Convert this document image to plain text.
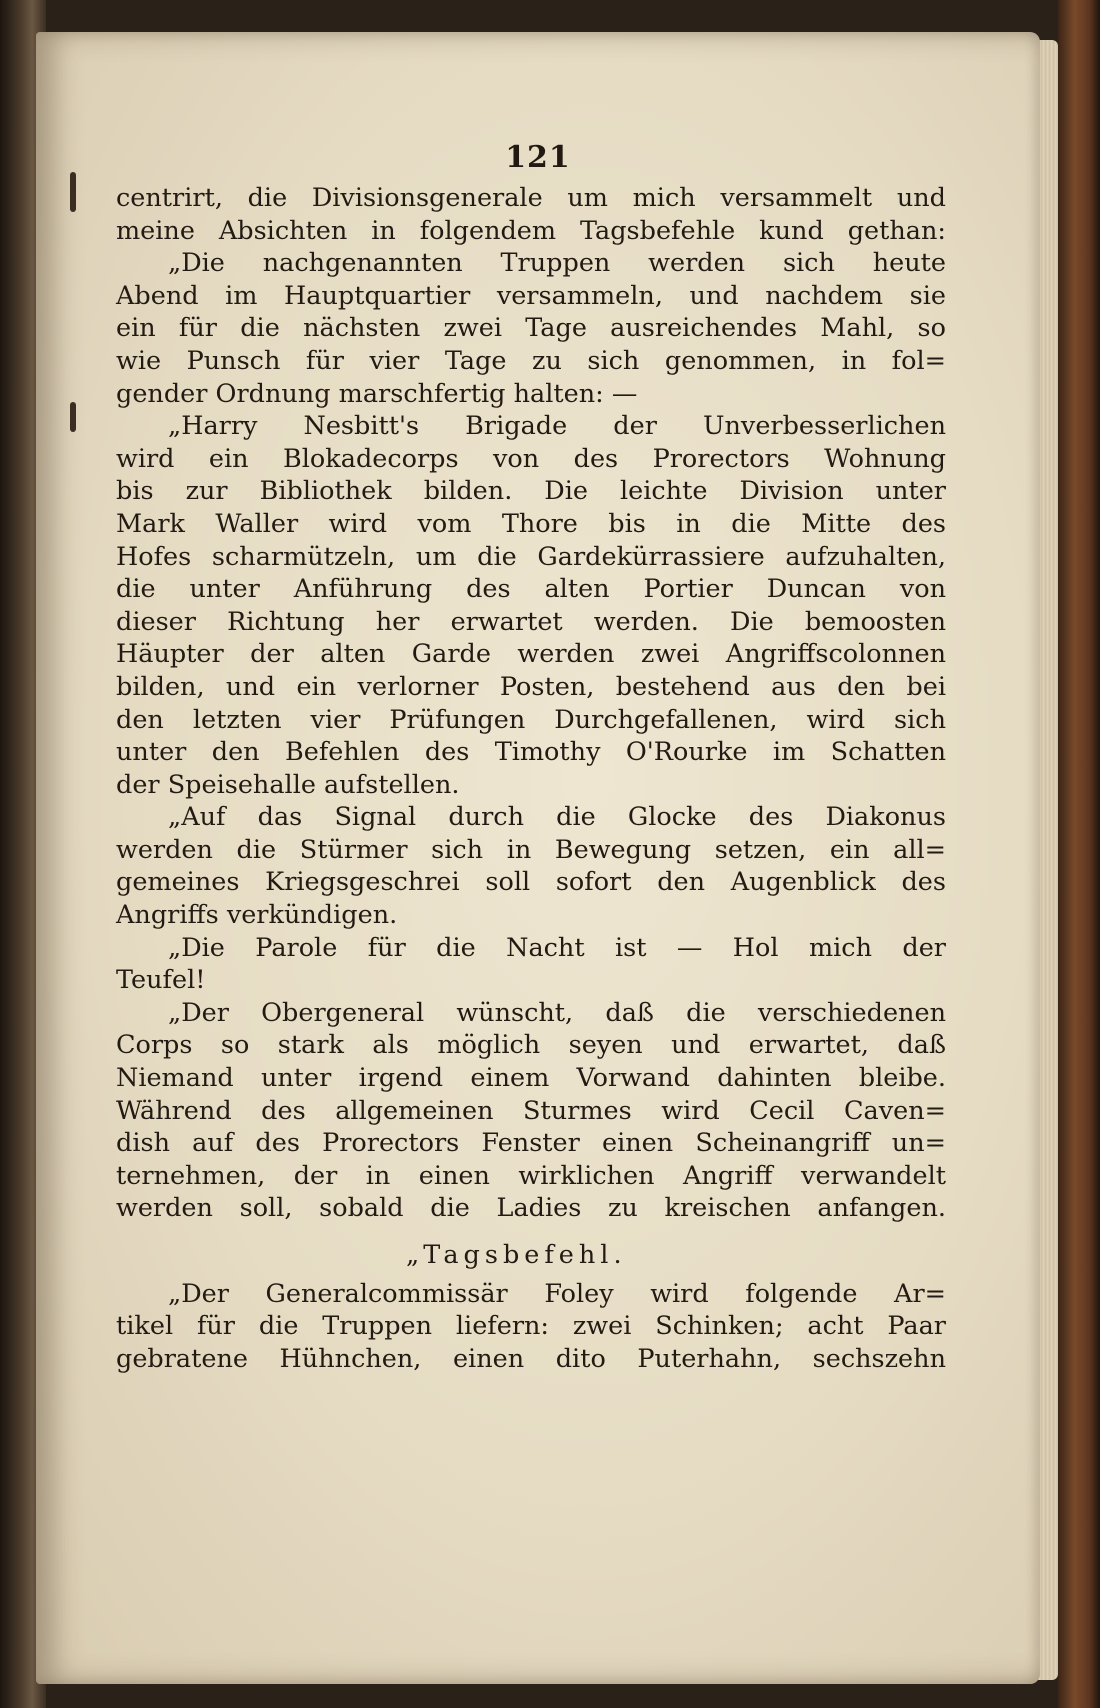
121
centrirt, die Divisionsgenerale um mich versammelt und
meine Absichten in folgendem Tagsbefehle kund gethan:
„Die nachgenannten Truppen werden sich heute
Abend im Hauptquartier versammeln, und nachdem sie
ein für die nächsten zwei Tage ausreichendes Mahl, so
wie Punsch für vier Tage zu sich genommen, in fol=
gender Ordnung marschfertig halten: —
„Harry Nesbitt's Brigade der Unverbesserlichen
wird ein Blokadecorps von des Prorectors Wohnung
bis zur Bibliothek bilden. Die leichte Division unter
Mark Waller wird vom Thore bis in die Mitte des
Hofes scharmützeln, um die Gardekürrassiere aufzuhalten,
die unter Anführung des alten Portier Duncan von
dieser Richtung her erwartet werden. Die bemoosten
Häupter der alten Garde werden zwei Angriffscolonnen
bilden, und ein verlorner Posten, bestehend aus den bei
den letzten vier Prüfungen Durchgefallenen, wird sich
unter den Befehlen des Timothy O'Rourke im Schatten
der Speisehalle aufstellen.
„Auf das Signal durch die Glocke des Diakonus
werden die Stürmer sich in Bewegung setzen, ein all=
gemeines Kriegsgeschrei soll sofort den Augenblick des
Angriffs verkündigen.
„Die Parole für die Nacht ist — Hol mich der
Teufel!
„Der Obergeneral wünscht, daß die verschiedenen
Corps so stark als möglich seyen und erwartet, daß
Niemand unter irgend einem Vorwand dahinten bleibe.
Während des allgemeinen Sturmes wird Cecil Caven=
dish auf des Prorectors Fenster einen Scheinangriff un=
ternehmen, der in einen wirklichen Angriff verwandelt
werden soll, sobald die Ladies zu kreischen anfangen.
„Tagsbefehl.
„Der Generalcommissär Foley wird folgende Ar=
tikel für die Truppen liefern: zwei Schinken; acht Paar
gebratene Hühnchen, einen dito Puterhahn, sechszehn
